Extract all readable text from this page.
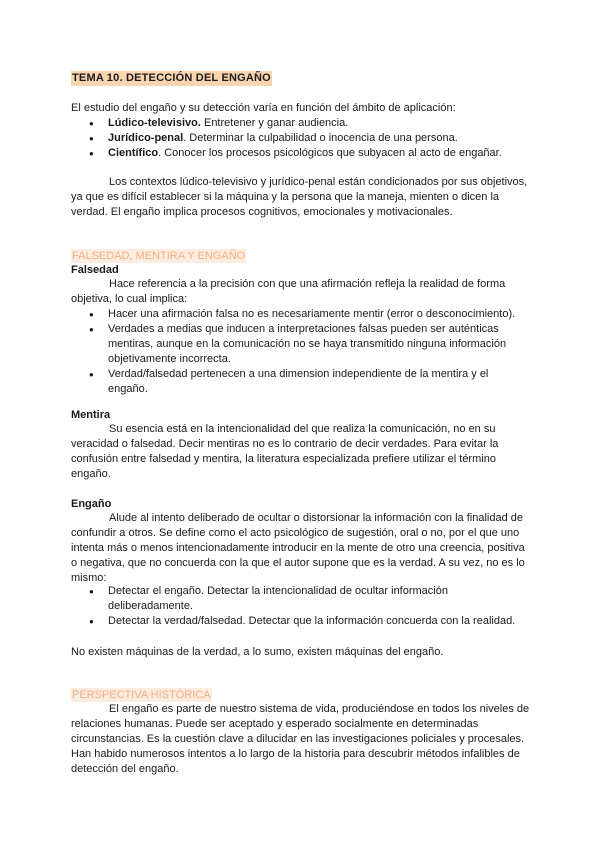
TEMA 10. DETECCIÓN DEL ENGAÑO
El estudio del engaño y su detección varía en función del ámbito de aplicación:
● Lúdico-televisivo. Entretener y ganar audiencia.
● Jurídico-penal. Determinar la culpabilidad o inocencia de una persona.
● Científico. Conocer los procesos psicológicos que subyacen al acto de engañar.
Los contextos lúdico-televisivo y jurídico-penal están condicionados por sus objetivos, ya que es difícil establecer si la máquina y la persona que la maneja, mienten o dicen la verdad. El engaño implica procesos cognitivos, emocionales y motivacionales.
FALSEDAD, MENTIRA Y ENGAÑO
Falsedad
Hace referencia a la precisión con que una afirmación refleja la realidad de forma objetiva, lo cual implica:
● Hacer una afirmación falsa no es necesariamente mentir (error o desconocimiento).
● Verdades a medias que inducen a interpretaciones falsas pueden ser auténticas mentiras, aunque en la comunicación no se haya transmitido ninguna información objetivamente incorrecta.
● Verdad/falsedad pertenecen a una dimension independiente de la mentira y el engaño.
Mentira
Su esencia está en la intencionalidad del que realiza la comunicación, no en su veracidad o falsedad. Decir mentiras no es lo contrario de decir verdades. Para evitar la confusión entre falsedad y mentira, la literatura especializada prefiere utilizar el término engaño.
Engaño
Alude al intento deliberado de ocultar o distorsionar la información con la finalidad de confundir a otros. Se define como el acto psicológico de sugestión, oral o no, por el que uno intenta más o menos intencionadamente introducir en la mente de otro una creencia, positiva o negativa, que no concuerda con la que el autor supone que es la verdad. A su vez, no es lo mismo:
● Detectar el engaño. Detectar la intencionalidad de ocultar información deliberadamente.
● Detectar la verdad/falsedad. Detectar que la información concuerda con la realidad.
No existen máquinas de la verdad, a lo sumo, existen máquinas del engaño.
PERSPECTIVA HISTÓRICA
El engaño es parte de nuestro sistema de vida, produciéndose en todos los niveles de relaciones humanas. Puede ser aceptado y esperado socialmente en determinadas circunstancias. Es la cuestión clave a dilucidar en las investigaciones policiales y procesales. Han habido numerosos intentos a lo largo de la historia para descubrir métodos infalibles de detección del engaño.
